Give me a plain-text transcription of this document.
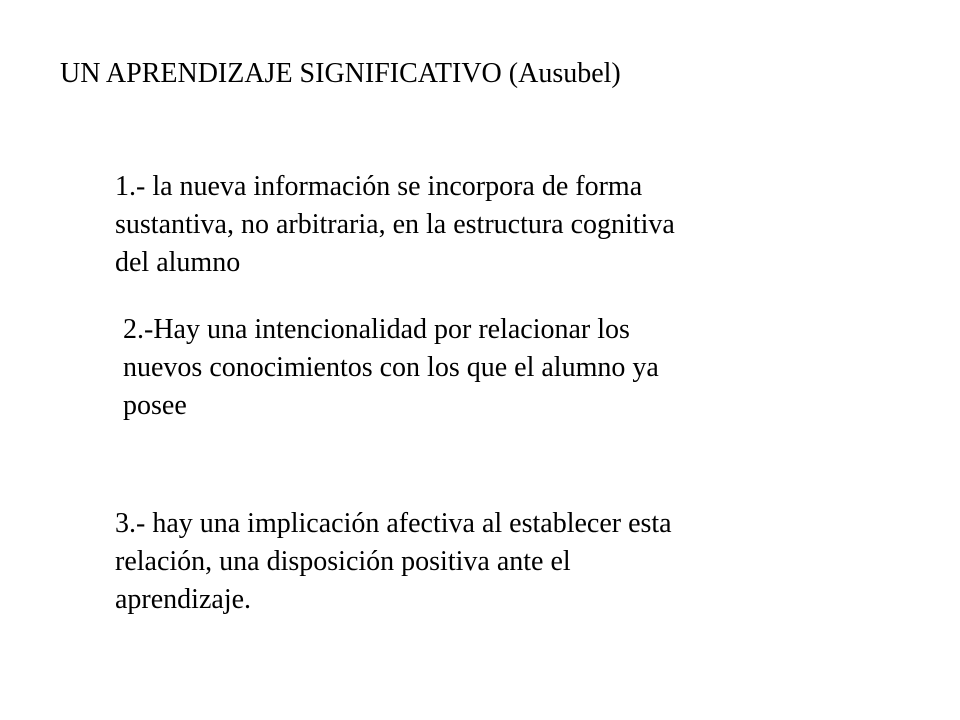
UN APRENDIZAJE SIGNIFICATIVO (Ausubel)
1.- la nueva información se incorpora de forma
sustantiva, no arbitraria, en la estructura cognitiva
del alumno
2.-Hay una intencionalidad por relacionar los
nuevos conocimientos con los que el alumno ya
posee
3.- hay una implicación afectiva al establecer esta
relación, una disposición positiva ante el
aprendizaje.
